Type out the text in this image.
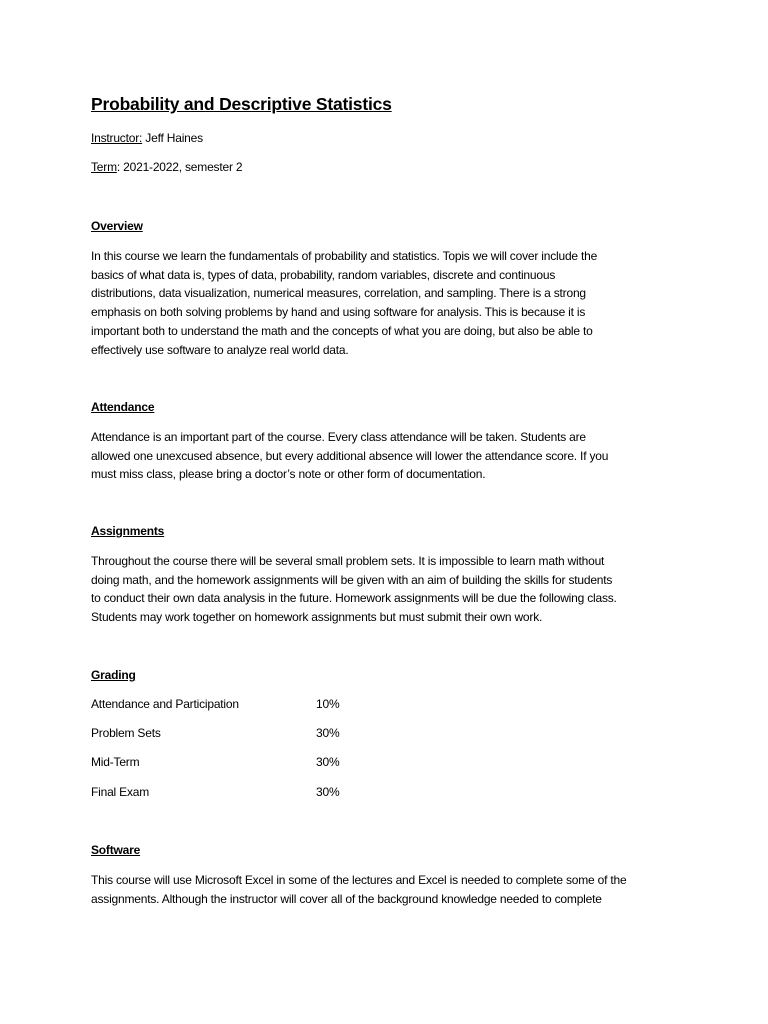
Probability and Descriptive Statistics

Instructor: Jeff Haines

Term: 2021-2022, semester 2

Overview
In this course we learn the fundamentals of probability and statistics. Topis we will cover include the
basics of what data is, types of data, probability, random variables, discrete and continuous
distributions, data visualization, numerical measures, correlation, and sampling. There is a strong
emphasis on both solving problems by hand and using software for analysis. This is because it is
important both to understand the math and the concepts of what you are doing, but also be able to
effectively use software to analyze real world data.
Attendance
Attendance is an important part of the course. Every class attendance will be taken. Students are
allowed one unexcused absence, but every additional absence will lower the attendance score. If you
must miss class, please bring a doctor’s note or other form of documentation.
Assignments
Throughout the course there will be several small problem sets. It is impossible to learn math without
doing math, and the homework assignments will be given with an aim of building the skills for students
to conduct their own data analysis in the future. Homework assignments will be due the following class.
Students may work together on homework assignments but must submit their own work.
Grading
Attendance and Participation	10%
Problem Sets	30%
Mid-Term	30%
Final Exam	30%
Software
This course will use Microsoft Excel in some of the lectures and Excel is needed to complete some of the
assignments. Although the instructor will cover all of the background knowledge needed to complete
